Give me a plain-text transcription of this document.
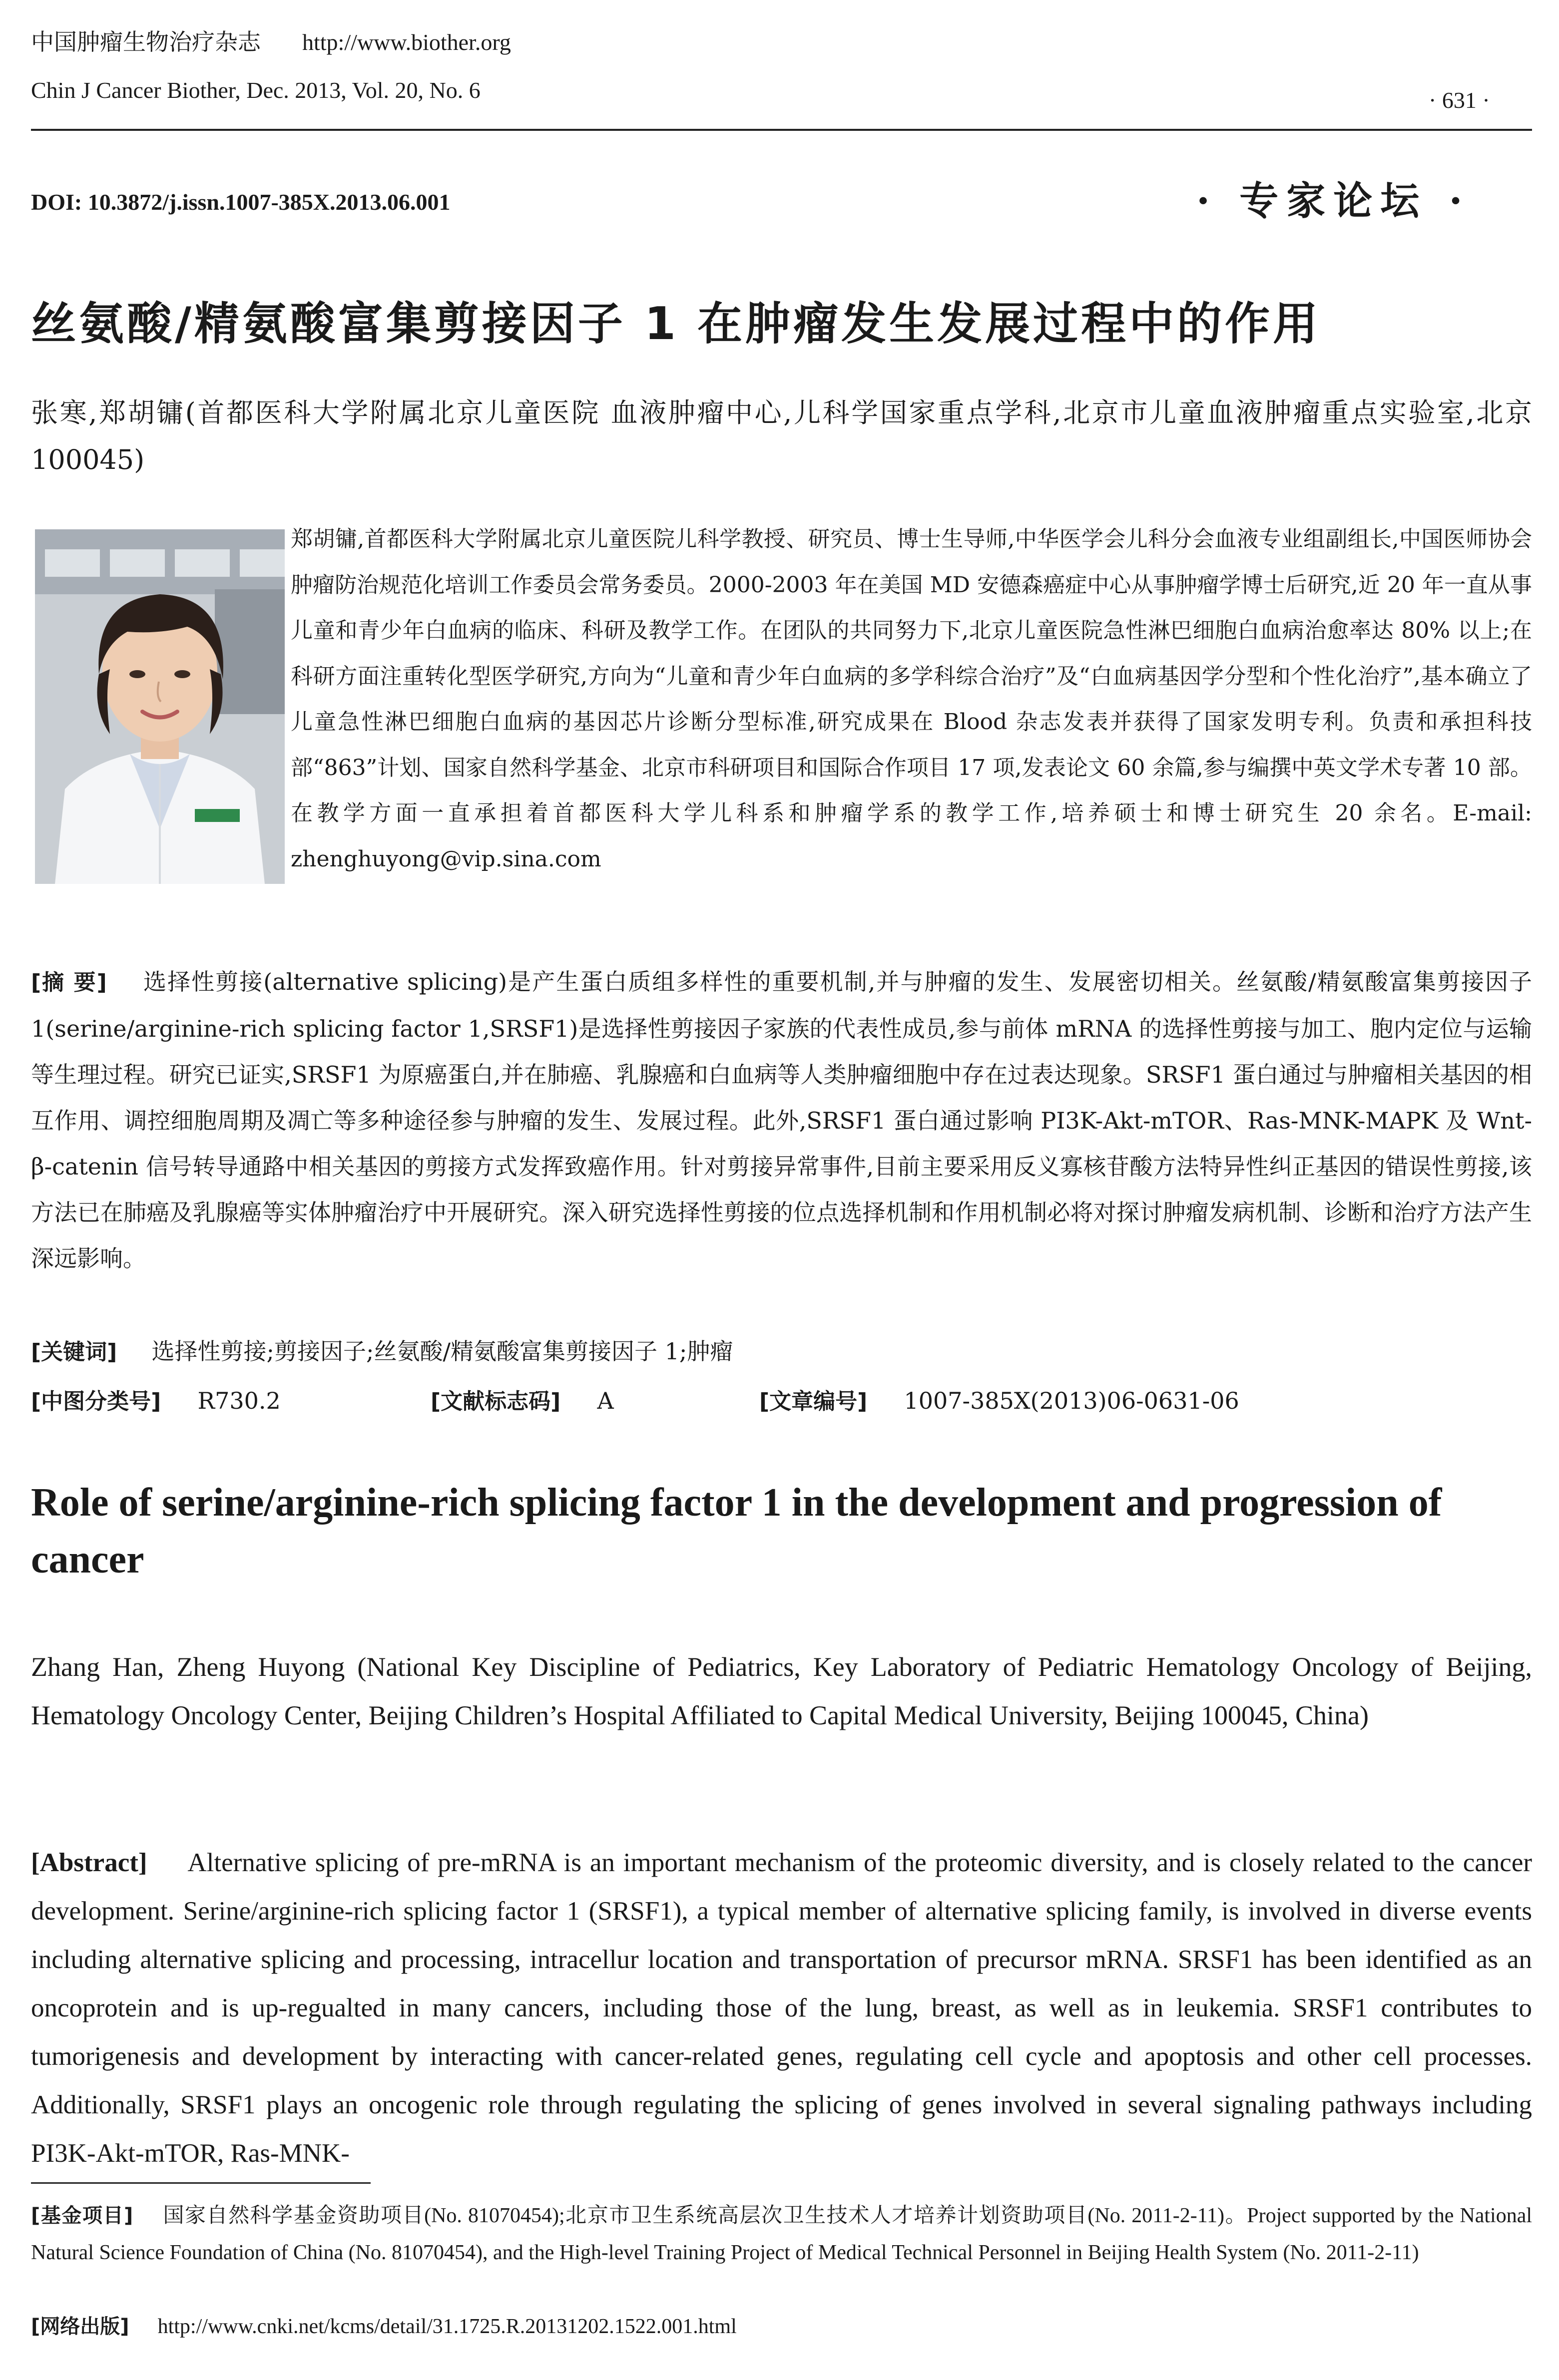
中国肿瘤生物治疗杂志 http://www.biother.org
Chin J Cancer Biother, Dec. 2013, Vol. 20, No. 6	· 631 ·
DOI: 10.3872/j.issn.1007-385X.2013.06.001	· 专家论坛 ·
丝氨酸/精氨酸富集剪接因子 1 在肿瘤发生发展过程中的作用
张寒,郑胡镛(首都医科大学附属北京儿童医院 血液肿瘤中心,儿科学国家重点学科,北京市儿童血液肿瘤重点实验室,北京 100045)
郑胡镛,首都医科大学附属北京儿童医院儿科学教授、研究员、博士生导师,中华医学会儿科分会血液专业组副组长,中国医师协会肿瘤防治规范化培训工作委员会常务委员。2000-2003 年在美国 MD 安德森癌症中心从事肿瘤学博士后研究,近 20 年一直从事儿童和青少年白血病的临床、科研及教学工作。在团队的共同努力下,北京儿童医院急性淋巴细胞白血病治愈率达 80% 以上;在科研方面注重转化型医学研究,方向为“儿童和青少年白血病的多学科综合治疗”及“白血病基因学分型和个性化治疗”,基本确立了儿童急性淋巴细胞白血病的基因芯片诊断分型标准,研究成果在 Blood 杂志发表并获得了国家发明专利。负责和承担科技部“863”计划、国家自然科学基金、北京市科研项目和国际合作项目 17 项,发表论文 60 余篇,参与编撰中英文学术专著 10 部。在教学方面一直承担着首都医科大学儿科系和肿瘤学系的教学工作,培养硕士和博士研究生 20 余名。E-mail: zhenghuyong@vip.sina.com
[摘 要] 选择性剪接(alternative splicing)是产生蛋白质组多样性的重要机制,并与肿瘤的发生、发展密切相关。丝氨酸/精氨酸富集剪接因子 1(serine/arginine-rich splicing factor 1,SRSF1)是选择性剪接因子家族的代表性成员,参与前体 mRNA 的选择性剪接与加工、胞内定位与运输等生理过程。研究已证实,SRSF1 为原癌蛋白,并在肺癌、乳腺癌和白血病等人类肿瘤细胞中存在过表达现象。SRSF1 蛋白通过与肿瘤相关基因的相互作用、调控细胞周期及凋亡等多种途径参与肿瘤的发生、发展过程。此外,SRSF1 蛋白通过影响 PI3K-Akt-mTOR、Ras-MNK-MAPK 及 Wnt-β-catenin 信号转导通路中相关基因的剪接方式发挥致癌作用。针对剪接异常事件,目前主要采用反义寡核苷酸方法特异性纠正基因的错误性剪接,该方法已在肺癌及乳腺癌等实体肿瘤治疗中开展研究。深入研究选择性剪接的位点选择机制和作用机制必将对探讨肿瘤发病机制、诊断和治疗方法产生深远影响。
[关键词] 选择性剪接;剪接因子;丝氨酸/精氨酸富集剪接因子 1;肿瘤
[中图分类号] R730.2	[文献标志码] A	[文章编号] 1007-385X(2013)06-0631-06
Role of serine/arginine-rich splicing factor 1 in the development and progression of cancer
Zhang Han, Zheng Huyong (National Key Discipline of Pediatrics, Key Laboratory of Pediatric Hematology Oncology of Beijing, Hematology Oncology Center, Beijing Children’s Hospital Affiliated to Capital Medical University, Beijing 100045, China)
[Abstract] Alternative splicing of pre-mRNA is an important mechanism of the proteomic diversity, and is closely related to the cancer development. Serine/arginine-rich splicing factor 1 (SRSF1), a typical member of alternative splicing family, is involved in diverse events including alternative splicing and processing, intracellur location and transportation of precursor mRNA. SRSF1 has been identified as an oncoprotein and is up-regualted in many cancers, including those of the lung, breast, as well as in leukemia. SRSF1 contributes to tumorigenesis and development by interacting with cancer-related genes, regulating cell cycle and apoptosis and other cell processes. Additionally, SRSF1 plays an oncogenic role through regulating the splicing of genes involved in several signaling pathways including PI3K-Akt-mTOR, Ras-MNK-
[基金项目] 国家自然科学基金资助项目(No. 81070454);北京市卫生系统高层次卫生技术人才培养计划资助项目(No. 2011-2-11)。Project supported by the National Natural Science Foundation of China (No. 81070454), and the High-level Training Project of Medical Technical Personnel in Beijing Health System (No. 2011-2-11)
[网络出版] http://www.cnki.net/kcms/detail/31.1725.R.20131202.1522.001.html
